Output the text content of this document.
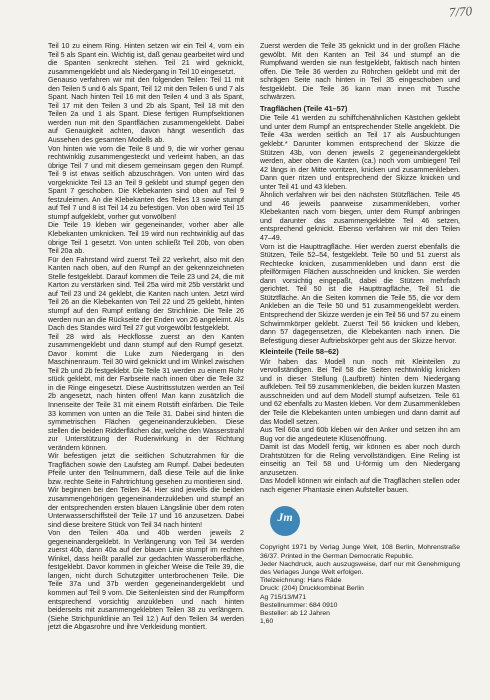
7/70

Teil 10 zu einem Ring. Hinten setzen wir ein Teil 4, vorn ein Teil 5 als Spant ein. Wichtig ist, daß genau gearbeitet wird und die Spanten senkrecht stehen. Teil 21 wird geknickt, zusammengeklebt und als Niedergang in Teil 10 eingesetzt.

Genauso verfahren wir mit den folgenden Teilen: Teil 11 mit den Teilen 5 und 6 als Spant, Teil 12 mit den Teilen 6 und 7 als Spant. Nach hinten Teil 16 mit den Teilen 4 und 3 als Spant, Teil 17 mit den Teilen 3 und 2b als Spant, Teil 18 mit den Teilen 2a und 1 als Spant. Diese fertigen Rumpfsektionen werden nun mit den Spantflächen zusammengeklebt. Dabei auf Genauigkeit achten, davon hängt wesentlich das Aussehen des gesamten Modells ab.

Von hinten wie vorn die Teile 8 und 9, die wir vorher genau rechtwinklig zusammengesteckt und verleimt haben, an das übrige Teil 7 und mit diesem gemeinsam gegen den Rumpf. Teil 9 ist etwas seitlich abzuschrägen. Von unten wird das vorgeknickte Teil 13 an Teil 9 geklebt und stumpf gegen den Spant 7 geschoben. Die Klebekanten sind oben auf Teil 9 festzuleimen. An die Klebekanten des Teiles 13 sowie stumpf auf Teil 7 und 8 ist Teil 14 zu befestigen. Von oben wird Teil 15 stumpf aufgeklebt, vorher gut vorwölben!

Die Teile 19 kleben wir gegeneinander, vorher aber alle Klebekanten umknicken. Teil 19 wird nun rechtwinklig auf das übrige Teil 1 gesetzt. Von unten schließt Teil 20b, von oben Teil 20a ab.

Für den Fahrstand wird zuerst Teil 22 verkehrt, also mit den Kanten nach oben, auf den Rumpf an der gekennzeichneten Stelle festgeklebt. Darauf kommen die Teile 23 und 24, die mit Karton zu verstärken sind. Teil 25a wird mit 25b verstärkt und auf Teil 23 und 24 geklebt, die Kanten nach unten. Jetzt wird Teil 26 an die Klebekanten von Teil 22 und 25 geklebt, hinten stumpf auf den Rumpf entlang der Strichlinie. Die Teile 26 werden nun an die Rückseite der Enden von 26 angeleimt. Als Dach des Standes wird Teil 27 gut vorgewölbt festgeklebt.

Teil 28 wird als Heckflosse zuerst an den Kanten zusammengeklebt und dann stumpf auf den Rumpf gesetzt. Davor kommt die Luke zum Niedergang in den Maschinenraum. Teil 30 wird geknickt und im Winkel zwischen Teil 2b und 2b festgeklebt. Die Teile 31 werden zu einem Rohr stück geklebt, mit der Farbseite nach innen über die Teile 32 in die Ringe eingesetzt. Diese Austrittsstutzen werden an Teil 2b angesetzt, nach hinten offen! Man kann zusätzlich die Innenseite der Teile 31 mit einem Rotstift einfärben. Die Teile 33 kommen von unten an die Teile 31. Dabei sind hinten die symmetrischen Flächen gegeneinanderzukleben. Diese stellen die beiden Ridderflächen dar, welche den Wasserstrahl zur Unterstützung der Ruderwirkung in der Richtung verändern können.

Wir befestigen jetzt die seitlichen Schutzrahmen für die Tragflächen sowie den Laufsteg am Rumpf. Dabei bedeuten Pfeile unter den Teilnummern, daß diese Teile auf die linke bzw. rechte Seite in Fahrtrichtung gesehen zu montieren sind.

Wir beginnen bei den Teilen 34. Hier sind jeweils die beiden zusammengehörigen gegeneinanderzukleben und stumpf an der entsprechenden ersten blauen Längslinie über dem roten Unterwasserschiffsteil der Teile 17 und 16 anzusetzen. Dabei sind diese breitere Stück von Teil 34 nach hinten!

Von den Teilen 40a und 40b werden jeweils 2 gegeneinandergeklebt. In Verlängerung von Teil 34 werden zuerst 40b, dann 40a auf der blauen Linie stumpf im rechten Winkel, dass heißt parallel zur gedachten Wasseroberfläche, festgeklebt. Davor kommen in gleicher Weise die Teile 39, die langen, nicht durch Schutzgitter unterbrochenen Teile. Die Teile 37a und 37b werden gegeneinandergeklebt und kommen auf Teil 9 vorn. Die Seitenleisten sind der Rumpfform entsprechend vorsichtig anzukleben und nach hinten beiderseits mit zusammengeklebten Teilen 38 zu verlängern. (Siehe Strichpunktlinie an Teil 12.) Auf den Teilen 34 werden jetzt die Abgasrohre und ihre Verkleidung montiert.

Zuerst werden die Teile 35 geknickt und in der großen Fläche gewölbt. Mit den Kanten an Teil 34 und stumpf an die Rumpfwand werden sie nun festgeklebt, faktisch nach hinten offen. Die Teile 36 werden zu Röhrchen geklebt und mit der schrägen Seite nach hinten in Teil 35 eingeschoben und festgeklebt. Die Teile 36 kann man innen mit Tusche schwärzen.

Tragflächen (Teile 41–57)

Die Teile 41 werden zu schiffchenähnlichen Kästchen geklebt und unter dem Rumpf an entsprechender Stelle angeklebt. Die Teile 43a werden seitlich an Teil 17 als Ausbuchtungen geklebt.* Darunter kommen entsprechend der Skizze die Stützen 43b, von denen jeweils 2 gegeneinandergeklebt werden, aber oben die Kanten (ca.) noch vom umbiegen! Teil 42 längs in der Mitte vorritzen, knicken und zusammenkleben. Dann quer ritzen und entsprechend der Skizze knicken und unter Teil 41 und 43 kleben.

Ähnlich verfahren wir bei den nächsten Stützflächen. Teile 45 und 46 jeweils paarweise zusammenkleben, vorher Klebekanten nach vorn biegen, unter dem Rumpf anbringen und darunter das zusammengeklebte Teil 46 setzen, entsprechend geknickt. Ebenso verfahren wir mit den Teilen 47–49.

Vorn ist die Haupttragfläche. Hier werden zuerst ebenfalls die Stützen, Teile 52–54, festgeklebt. Teile 50 und 51 zuerst als Rechtecke knicken, zusammenkleben und dann erst die pfeilförmigen Flächen ausschneiden und knicken. Sie werden dann vorsichtig eingepaßt, dabei die Stützen mehrfach gerichtet. Teil 50 ist die Haupttragfläche, Teil 51 die Stütztfläche. An die Seiten kommen die Teile 55, die vor dem Ankleben an die Teile 50 und 51 zusammengeklebt werden. Entsprechend der Skizze werden je ein Teil 56 und 57 zu einem Schwimmkörper geklebt. Zuerst Teil 56 knicken und kleben, dann 57 dagegensetzen, die Klebekanten nach innen. Die Befestigung dieser Auftriebskörper geht aus der Skizze hervor.

Kleinteile (Teile 58–62)

Wir haben das Modell nun noch mit Kleinteilen zu vervollständigen. Bei Teil 58 die Seiten rechtwinklig knicken und in dieser Stellung (Laufbrett) hinten dem Niedergang aufkleben. Teil 59 zusammenkleben, die beiden kurzen Masten ausschneiden und auf dem Modell stumpf aufsetzen. Teile 61 und 62 ebenfalls zu Masten kleben. Vor dem Zusammenkleben der Teile die Klebekanten unten umbiegen und dann damit auf das Modell setzen.

Aus Teil 60a und 60b kleben wir den Anker und setzen ihn am Bug vor die angedeutete Klüsenöffnung.

Damit ist das Modell fertig, wir können es aber noch durch Drahtstützen für die Reling vervollständigen. Eine Reling ist einseitig an Teil 58 und U-förmig um den Niedergang anzusetzen.

Das Modell können wir einfach auf die Tragflächen stellen oder nach eigener Phantasie einen Aufsteller bauen.

Jm

Copyright 1971 by Verlag Junge Welt, 108 Berlin, Mohrenstraße 36/37. Printed in the German Democratic Republic.

Jeder Nachdruck, auch auszugsweise, darf nur mit Genehmigung des Verlages Junge Welt erfolgen.

Titelzeichnung: Hans Räde
Druck: (204) Druckkombinat Berlin
Ag 715/13/M71
Bestellnummer: 684 0910
Besteller: ab 12 Jahren
1,60
